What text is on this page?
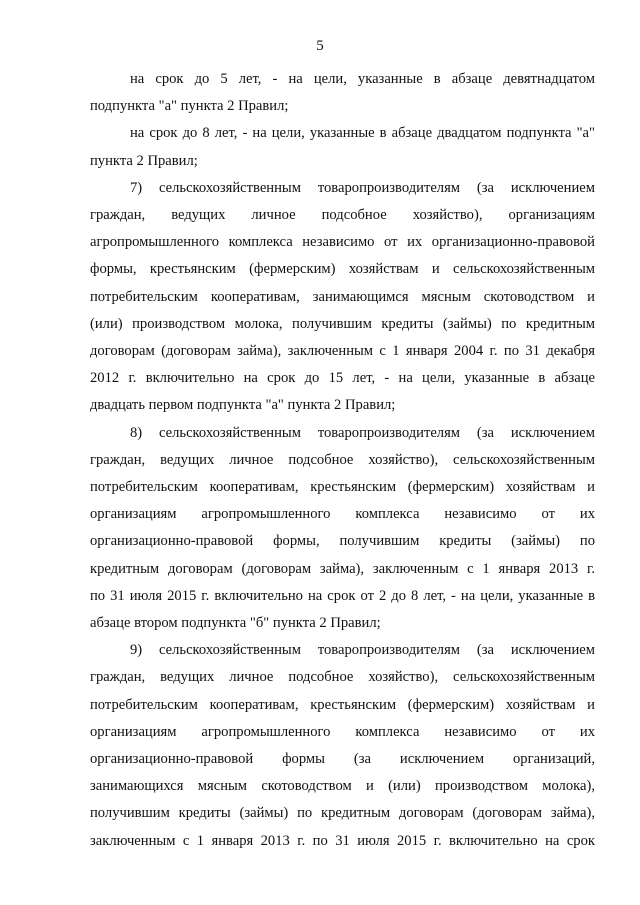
5
на срок до 5 лет, - на цели, указанные в абзаце девятнадцатом
подпункта "а" пункта 2 Правил;
на срок до 8 лет, - на цели, указанные в абзаце двадцатом подпункта "а"
пункта 2 Правил;
7) сельскохозяйственным товаропроизводителям (за исключением
граждан, ведущих личное подсобное хозяйство), организациям
агропромышленного комплекса независимо от их организационно-правовой
формы, крестьянским (фермерским) хозяйствам и сельскохозяйственным
потребительским кооперативам, занимающимся мясным скотоводством и
(или) производством молока, получившим кредиты (займы) по кредитным
договорам (договорам займа), заключенным с 1 января 2004 г. по 31 декабря
2012 г. включительно на срок до 15 лет, - на цели, указанные в абзаце
двадцать первом подпункта "а" пункта 2 Правил;
8) сельскохозяйственным товаропроизводителям (за исключением
граждан, ведущих личное подсобное хозяйство), сельскохозяйственным
потребительским кооперативам, крестьянским (фермерским) хозяйствам и
организациям агропромышленного комплекса независимо от их
организационно-правовой формы, получившим кредиты (займы) по
кредитным договорам (договорам займа), заключенным с 1 января 2013 г.
по 31 июля 2015 г. включительно на срок от 2 до 8 лет, - на цели, указанные в
абзаце втором подпункта "б" пункта 2 Правил;
9) сельскохозяйственным товаропроизводителям (за исключением
граждан, ведущих личное подсобное хозяйство), сельскохозяйственным
потребительским кооперативам, крестьянским (фермерским) хозяйствам и
организациям агропромышленного комплекса независимо от их
организационно-правовой формы (за исключением организаций,
занимающихся мясным скотоводством и (или) производством молока),
получившим кредиты (займы) по кредитным договорам (договорам займа),
заключенным с 1 января 2013 г. по 31 июля 2015 г. включительно на срок
